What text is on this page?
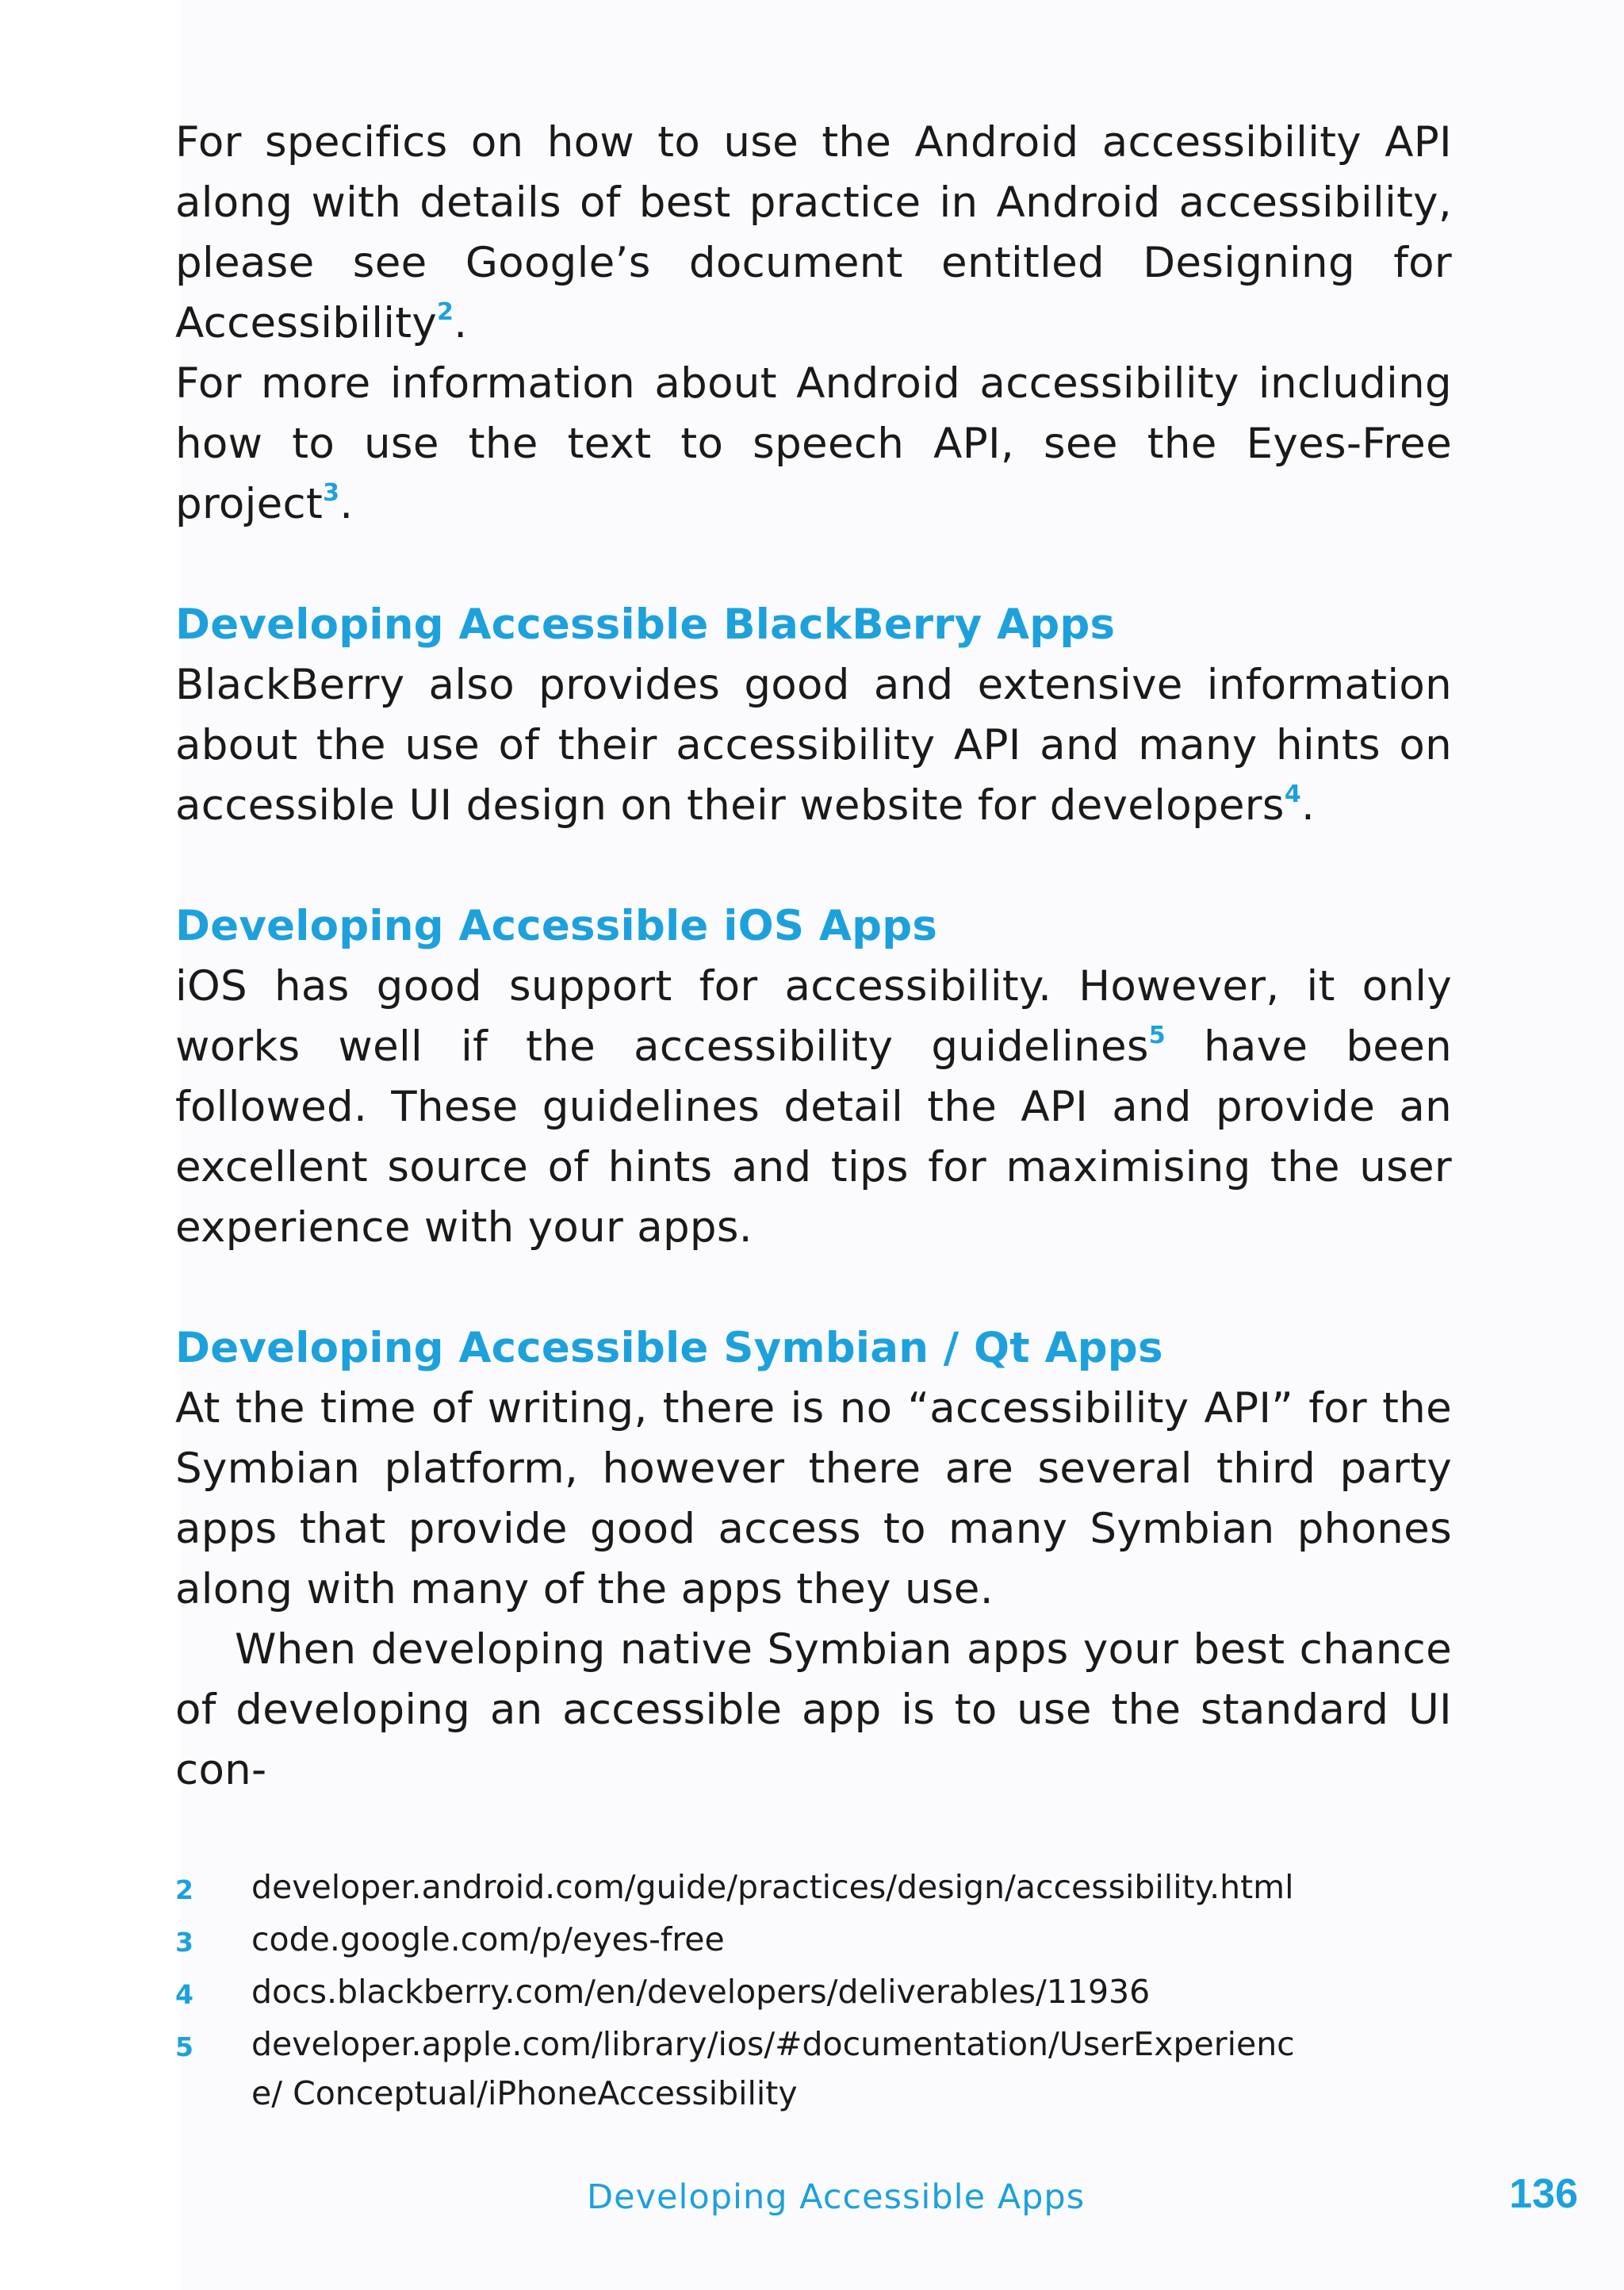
For specifics on how to use the Android accessibility API along with details of best practice in Android accessibility, please see Google’s document entitled Designing for Accessibility$^2$.

For more information about Android accessibility including how to use the text to speech API, see the Eyes-Free project$^3$.

Developing Accessible BlackBerry Apps

BlackBerry also provides good and extensive information about the use of their accessibility API and many hints on accessible UI design on their website for developers$^4$.

Developing Accessible iOS Apps

iOS has good support for accessibility. However, it only works well if the accessibility guidelines$^5$ have been followed. These guidelines detail the API and provide an excellent source of hints and tips for maximising the user experience with your apps.

Developing Accessible Symbian / Qt Apps

At the time of writing, there is no “accessibility API” for the Symbian platform, however there are several third party apps that provide good access to many Symbian phones along with many of the apps they use.

When developing native Symbian apps your best chance of developing an accessible app is to use the standard UI con-

2	developer.android.com/guide/practices/design/accessibility.html
3	code.google.com/p/eyes-free
4	docs.blackberry.com/en/developers/deliverables/11936
5	developer.apple.com/library/ios/#documentation/UserExperience/ Conceptual/iPhoneAccessibility
Developing Accessible Apps	136
